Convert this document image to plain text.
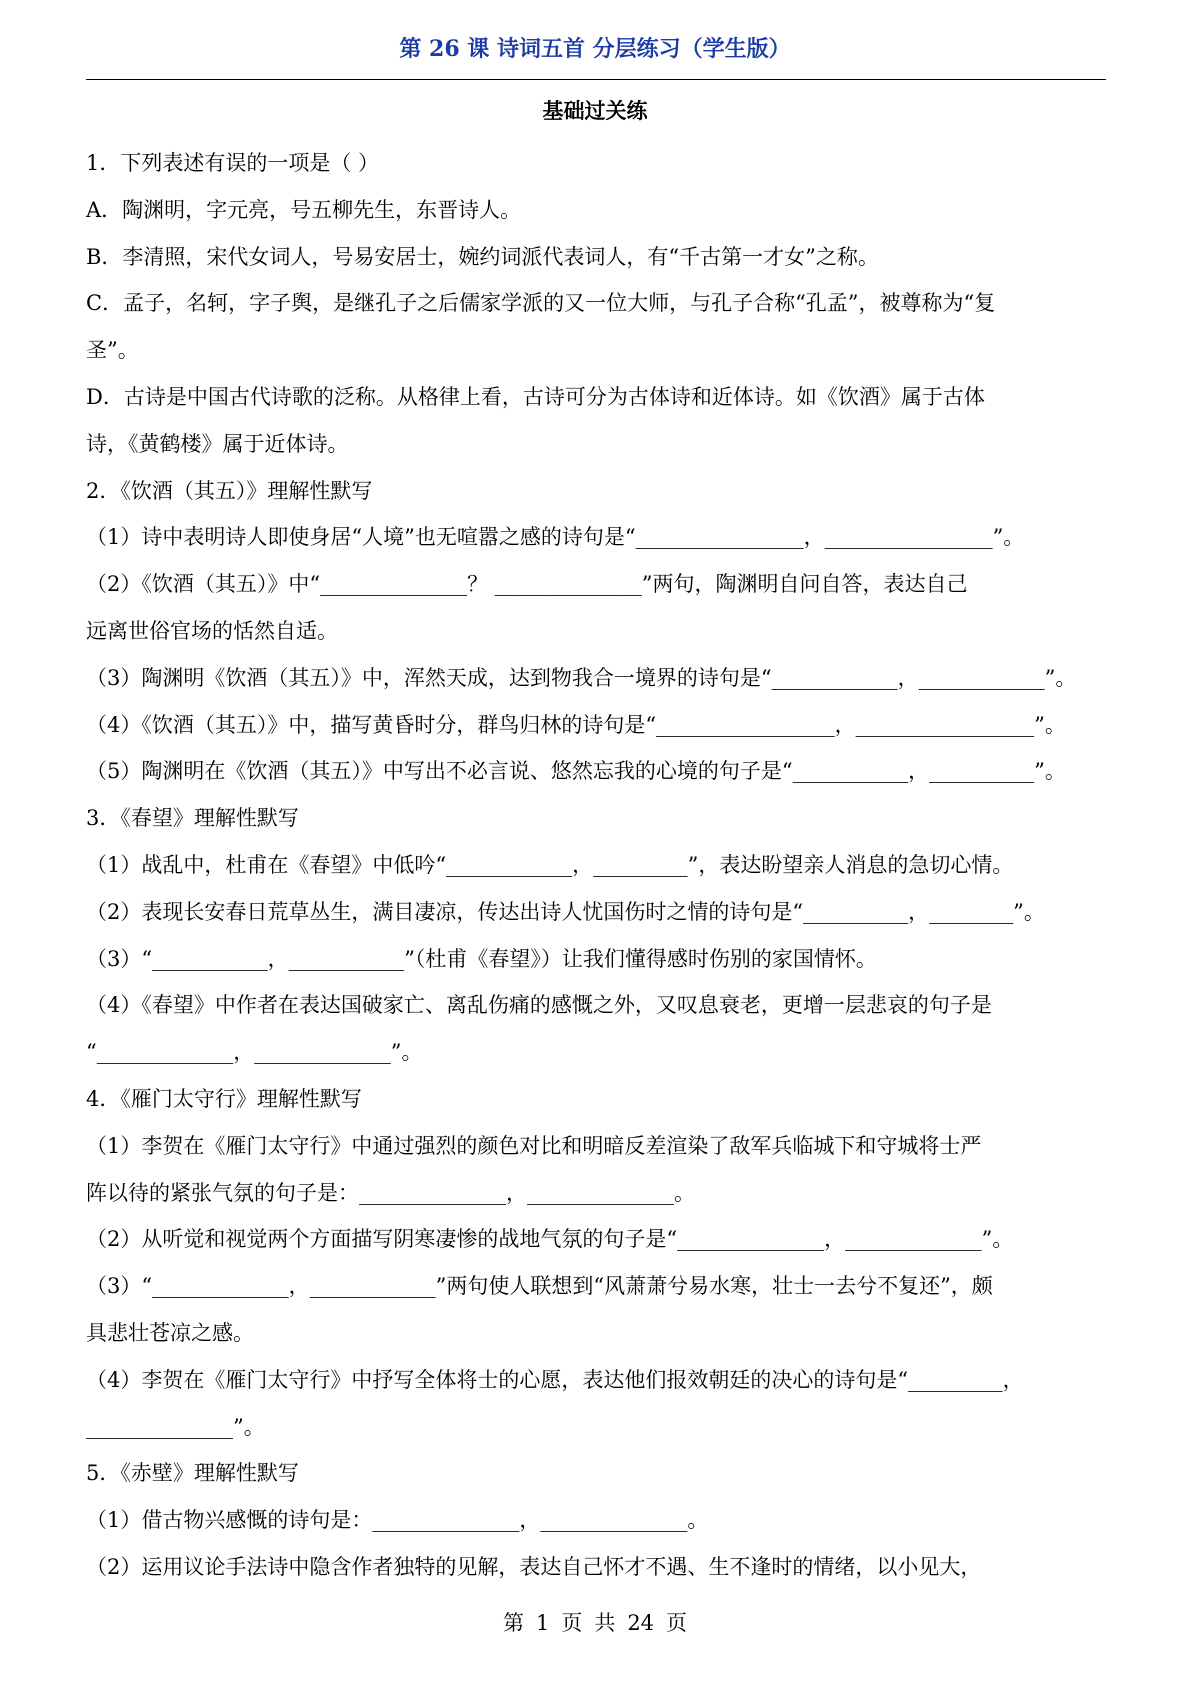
第 26 课 诗词五首 分层练习（学生版）
基础过关练

1．下列表述有误的一项是（ ）

A．陶渊明，字元亮，号五柳先生，东晋诗人。

B．李清照，宋代女词人，号易安居士，婉约词派代表词人，有“千古第一才女”之称。

C．孟子，名轲，字子舆，是继孔子之后儒家学派的又一位大师，与孔子合称“孔孟”，被尊称为“复

圣”。

D．古诗是中国古代诗歌的泛称。从格律上看，古诗可分为古体诗和近体诗。如《饮酒》属于古体

诗，《黄鹤楼》属于近体诗。

2．《饮酒（其五）》理解性默写

（1）诗中表明诗人即使身居“人境”也无喧嚣之感的诗句是“________________，________________”。

（2）《饮酒（其五）》中“______________？ ______________”两句，陶渊明自问自答，表达自己

远离世俗官场的恬然自适。

（3）陶渊明《饮酒（其五）》中，浑然天成，达到物我合一境界的诗句是“____________，____________”。

（4）《饮酒（其五）》中，描写黄昏时分，群鸟归林的诗句是“_________________，_________________”。

（5）陶渊明在《饮酒（其五）》中写出不必言说、悠然忘我的心境的句子是“___________，__________”。

3．《春望》理解性默写

（1）战乱中，杜甫在《春望》中低吟“____________，_________”，表达盼望亲人消息的急切心情。

（2）表现长安春日荒草丛生，满目凄凉，传达出诗人忧国伤时之情的诗句是“__________，________”。

（3）“___________，___________”（杜甫《春望》）让我们懂得感时伤别的家国情怀。

（4）《春望》中作者在表达国破家亡、离乱伤痛的感慨之外，又叹息衰老，更增一层悲哀的句子是

“_____________，_____________”。

4．《雁门太守行》理解性默写

（1）李贺在《雁门太守行》中通过强烈的颜色对比和明暗反差渲染了敌军兵临城下和守城将士严

阵以待的紧张气氛的句子是：______________，______________。

（2）从听觉和视觉两个方面描写阴寒凄惨的战地气氛的句子是“______________，_____________”。

（3）“_____________，____________”两句使人联想到“风萧萧兮易水寒，壮士一去兮不复还”，颇

具悲壮苍凉之感。

（4）李贺在《雁门太守行》中抒写全体将士的心愿，表达他们报效朝廷的决心的诗句是“_________，

______________”。

5．《赤壁》理解性默写

（1）借古物兴感慨的诗句是：______________，______________。

（2）运用议论手法诗中隐含作者独特的见解，表达自己怀才不遇、生不逢时的情绪，以小见大，

第 1 页 共 24 页
